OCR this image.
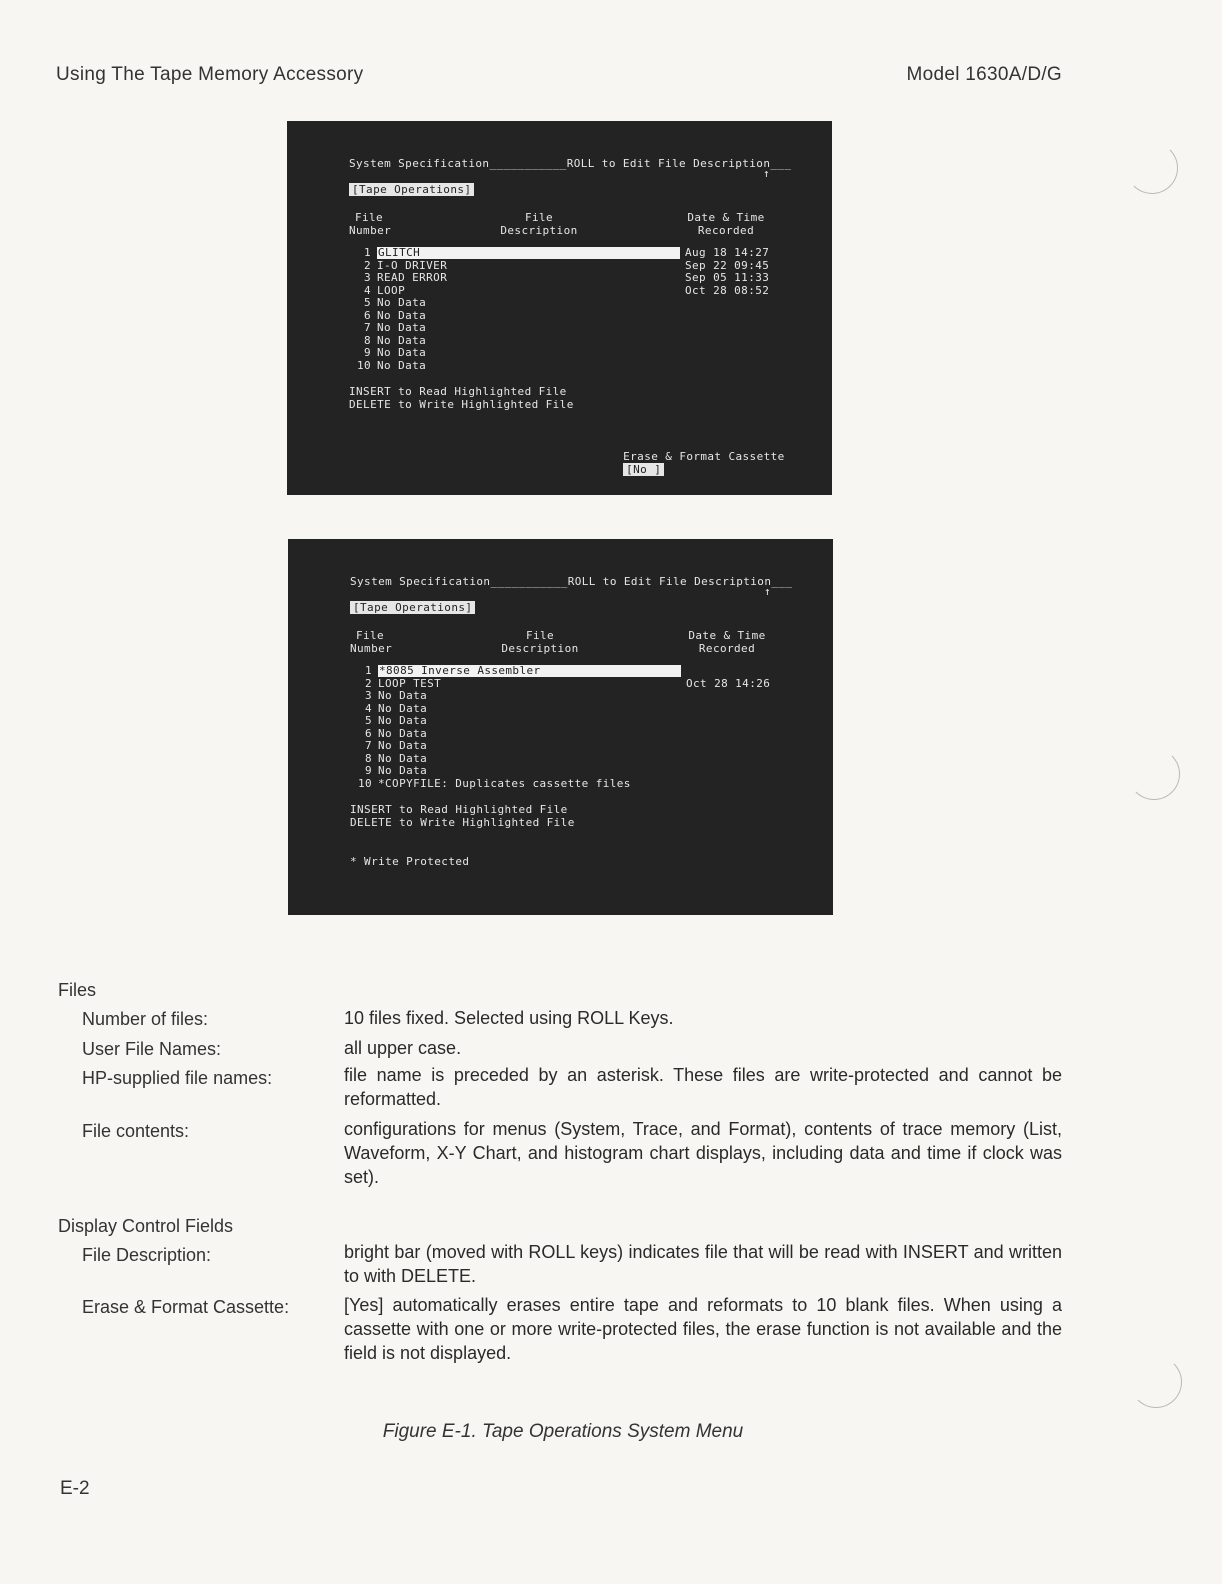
Using The Tape Memory Accessory	Model 1630A/D/G
System Specification___________ROLL to Edit File Description___
↑
[Tape Operations]
File
Number
File
Description
Date & Time
Recorded
1 GLITCH	Aug 18 14:27
2 I-O DRIVER	Sep 22 09:45
3 READ ERROR	Sep 05 11:33
4 LOOP	Oct 28 08:52
5 No Data
6 No Data
7 No Data
8 No Data
9 No Data
10 No Data
INSERT to Read Highlighted File
DELETE to Write Highlighted File

Erase & Format Cassette
[No ]

System Specification___________ROLL to Edit File Description___
↑
[Tape Operations]
File
Number
File
Description
Date & Time
Recorded
1 *8085 Inverse Assembler
2 LOOP TEST	Oct 28 14:26
3 No Data
4 No Data
5 No Data
6 No Data
7 No Data
8 No Data
9 No Data
10 *COPYFILE: Duplicates cassette files
INSERT to Read Highlighted File
DELETE to Write Highlighted File
* Write Protected
Files
Number of files:	10 files fixed. Selected using ROLL Keys.
User File Names:	all upper case.
HP-supplied file names:	file name is preceded by an asterisk. These files are write-protected and cannot be reformatted.
File contents:	configurations for menus (System, Trace, and Format), contents of trace memory (List, Waveform, X-Y Chart, and histogram chart displays, including data and time if clock was set).
Display Control Fields
File Description:	bright bar (moved with ROLL keys) indicates file that will be read with INSERT and written to with DELETE.
Erase & Format Cassette:	[Yes] automatically erases entire tape and reformats to 10 blank files. When using a cassette with one or more write-protected files, the erase function is not available and the field is not displayed.
Figure E-1. Tape Operations System Menu
E-2
